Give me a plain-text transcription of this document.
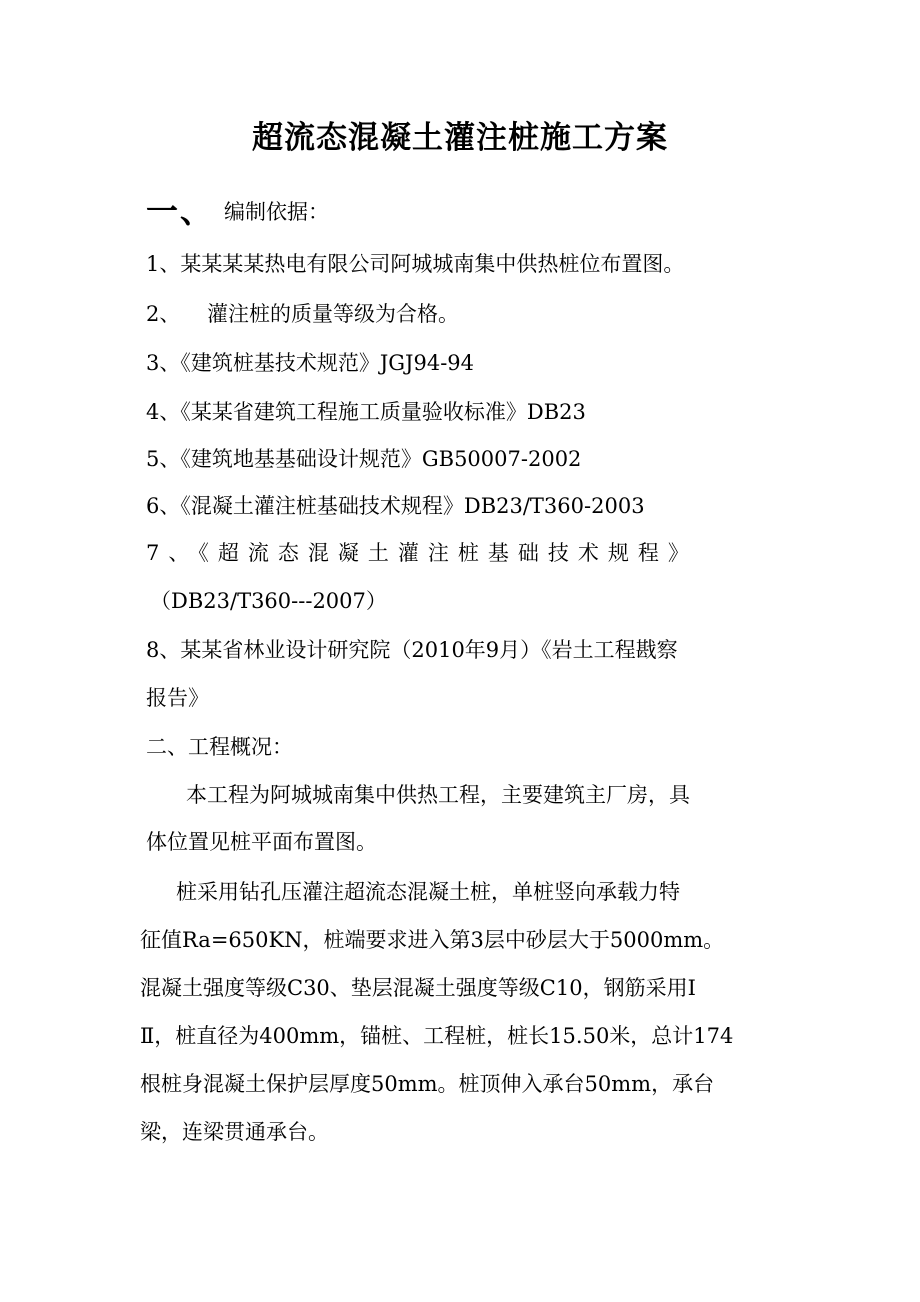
超流态混凝土灌注桩施工方案
一、 编制依据：
1、某某某某热电有限公司阿城城南集中供热桩位布置图。
2、    灌注桩的质量等级为合格。
3、《建筑桩基技术规范》JGJ94-94
4、《某某省建筑工程施工质量验收标准》DB23
5、《建筑地基基础设计规范》GB50007-2002
6、《混凝土灌注桩基础技术规程》DB23/T360-2003
7、《超流态混凝土灌注桩基础技术规程》
（DB23/T360---2007）
8、某某省林业设计研究院（2010年9月）《岩土工程戡察
报告》
二、工程概况：
本工程为阿城城南集中供热工程，主要建筑主厂房，具
体位置见桩平面布置图。
桩采用钻孔压灌注超流态混凝土桩，单桩竖向承载力特
征值Ra=650KN，桩端要求进入第3层中砂层大于5000mm。
混凝土强度等级C30、垫层混凝土强度等级C10，钢筋采用Ⅰ
Ⅱ，桩直径为400mm，锚桩、工程桩，桩长15.50米，总计174
根桩身混凝土保护层厚度50mm。桩顶伸入承台50mm，承台
梁，连梁贯通承台。
